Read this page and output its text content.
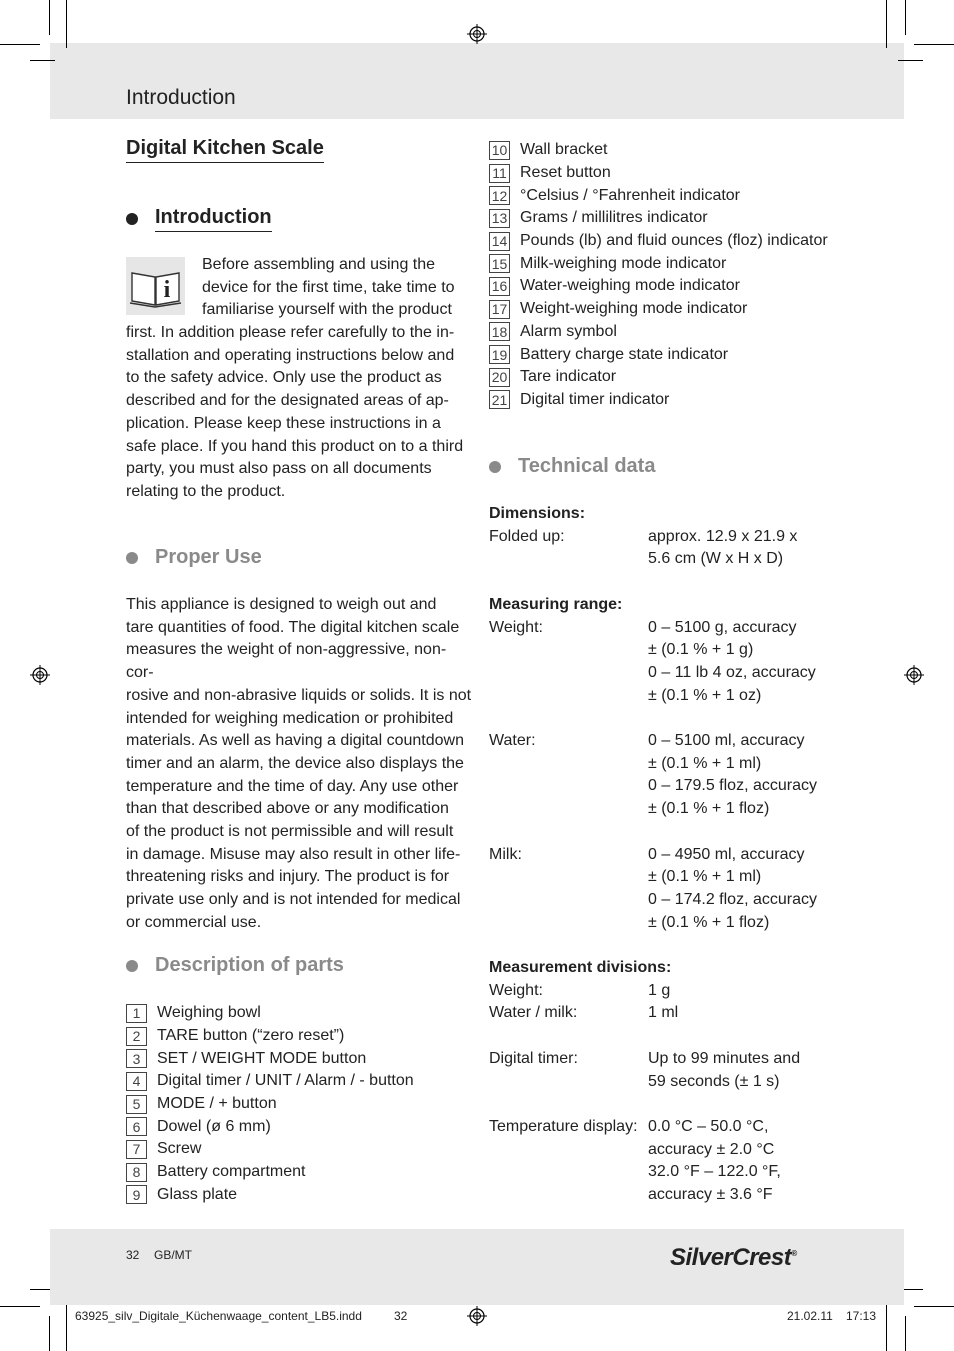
Introduction
Digital Kitchen Scale
Introduction
i
Before assembling and using the
device for the first time, take time to
familiarise yourself with the product
first. In addition please refer carefully to the in-
stallation and operating instructions below and
to the safety advice. Only use the product as
described and for the designated areas of ap-
plication. Please keep these instructions in a
safe place. If you hand this product on to a third
party, you must also pass on all documents
relating to the product.
Proper Use
This appliance is designed to weigh out and
tare quantities of food. The digital kitchen scale
measures the weight of non-aggressive, non-cor-
rosive and non-abrasive liquids or solids. It is not
intended for weighing medication or prohibited
materials. As well as having a digital countdown
timer and an alarm, the device also displays the
temperature and the time of day. Any use other
than that described above or any modification
of the product is not permissible and will result
in damage. Misuse may also result in other life-
threatening risks and injury. The product is for
private use only and is not intended for medical
or commercial use.
Description of parts
1	Weighing bowl
2	TARE button (“zero reset”)
3	SET / WEIGHT MODE button
4	Digital timer / UNIT / Alarm / - button
5	MODE / + button
6	Dowel (ø 6 mm)
7	Screw
8	Battery compartment
9	Glass plate
10 Wall bracket
11 Reset button
12 °Celsius / °Fahrenheit indicator
13 Grams / millilitres indicator
14 Pounds (lb) and fluid ounces (floz) indicator
15 Milk-weighing mode indicator
16 Water-weighing mode indicator
17 Weight-weighing mode indicator
18 Alarm symbol
19 Battery charge state indicator
20 Tare indicator
21 Digital timer indicator
Technical data
Dimensions:
Folded up:	approx. 12.9 x 21.9 x
5.6 cm (W x H x D)
Measuring range:
Weight:	0 – 5100 g, accuracy
± (0.1 % + 1 g)
0 – 11 lb 4 oz, accuracy
± (0.1 % + 1 oz)
Water:	0 – 5100 ml, accuracy
± (0.1 % + 1 ml)
0 – 179.5 floz, accuracy
± (0.1 % + 1 floz)
Milk:	0 – 4950 ml, accuracy
± (0.1 % + 1 ml)
0 – 174.2 floz, accuracy
± (0.1 % + 1 floz)
Measurement divisions:
Weight:	1 g
Water / milk:	1 ml
Digital timer:	Up to 99 minutes and
59 seconds (± 1 s)
Temperature display: 0.0 °C – 50.0 °C,
accuracy ± 2.0 °C
32.0 °F – 122.0 °F,
accuracy ± 3.6 °F
32 GB/MT	SilverCrest®
63925_silv_Digitale_Küchenwaage_content_LB5.indd	32	21.02.11 17:13
